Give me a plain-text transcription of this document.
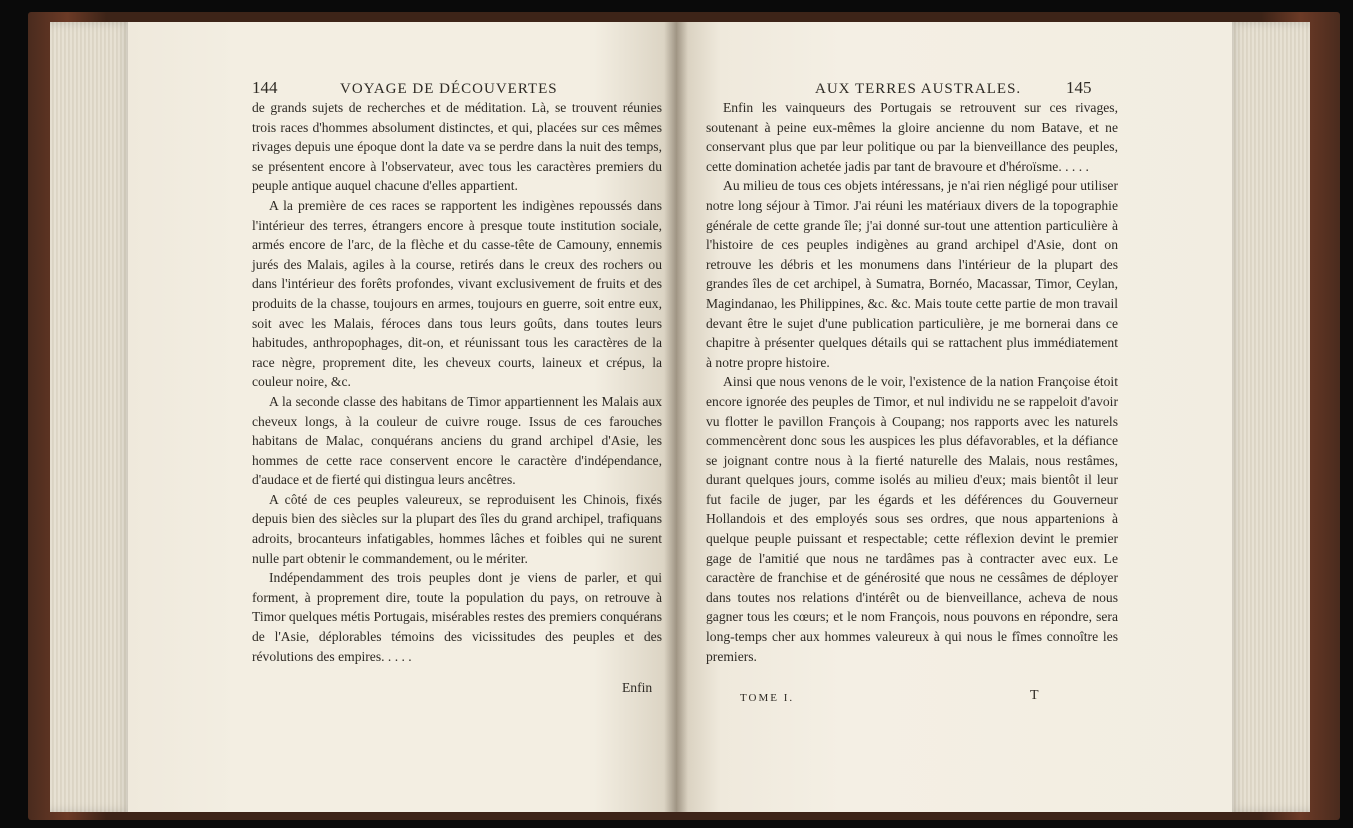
144	VOYAGE DE DÉCOUVERTES

de grands sujets de recherches et de méditation. Là, se trouvent réunies trois races d'hommes absolument distinctes, et qui, placées sur ces mêmes rivages depuis une époque dont la date va se perdre dans la nuit des temps, se présentent encore à l'observateur, avec tous les caractères premiers du peuple antique auquel chacune d'elles appartient.

A la première de ces races se rapportent les indigènes repoussés dans l'intérieur des terres, étrangers encore à presque toute institution sociale, armés encore de l'arc, de la flèche et du casse-tête de Camouny, ennemis jurés des Malais, agiles à la course, retirés dans le creux des rochers ou dans l'intérieur des forêts profondes, vivant exclusivement de fruits et des produits de la chasse, toujours en armes, toujours en guerre, soit entre eux, soit avec les Malais, féroces dans tous leurs goûts, dans toutes leurs habitudes, anthropophages, dit-on, et réunissant tous les caractères de la race nègre, proprement dite, les cheveux courts, laineux et crépus, la couleur noire, &c.

A la seconde classe des habitans de Timor appartiennent les Malais aux cheveux longs, à la couleur de cuivre rouge. Issus de ces farouches habitans de Malac, conquérans anciens du grand archipel d'Asie, les hommes de cette race conservent encore le caractère d'indépendance, d'audace et de fierté qui distingua leurs ancêtres.

A côté de ces peuples valeureux, se reproduisent les Chinois, fixés depuis bien des siècles sur la plupart des îles du grand archipel, trafiquans adroits, brocanteurs infatigables, hommes lâches et foibles qui ne surent nulle part obtenir le commandement, ou le mériter.

Indépendamment des trois peuples dont je viens de parler, et qui forment, à proprement dire, toute la population du pays, on retrouve à Timor quelques métis Portugais, misérables restes des premiers conquérans de l'Asie, déplorables témoins des vicissitudes des peuples et des révolutions des empires. . . . .

Enfin
AUX TERRES AUSTRALES.	145

Enfin les vainqueurs des Portugais se retrouvent sur ces rivages, soutenant à peine eux-mêmes la gloire ancienne du nom Batave, et ne conservant plus que par leur politique ou par la bienveillance des peuples, cette domination achetée jadis par tant de bravoure et d'héroïsme. . . . .

Au milieu de tous ces objets intéressans, je n'ai rien négligé pour utiliser notre long séjour à Timor. J'ai réuni les matériaux divers de la topographie générale de cette grande île; j'ai donné sur-tout une attention particulière à l'histoire de ces peuples indigènes au grand archipel d'Asie, dont on retrouve les débris et les monumens dans l'intérieur de la plupart des grandes îles de cet archipel, à Sumatra, Bornéo, Macassar, Timor, Ceylan, Magindanao, les Philippines, &c. &c. Mais toute cette partie de mon travail devant être le sujet d'une publication particulière, je me bornerai dans ce chapitre à présenter quelques détails qui se rattachent plus immédiatement à notre propre histoire.

Ainsi que nous venons de le voir, l'existence de la nation Françoise étoit encore ignorée des peuples de Timor, et nul individu ne se rappeloit d'avoir vu flotter le pavillon François à Coupang; nos rapports avec les naturels commencèrent donc sous les auspices les plus défavorables, et la défiance se joignant contre nous à la fierté naturelle des Malais, nous restâmes, durant quelques jours, comme isolés au milieu d'eux; mais bientôt il leur fut facile de juger, par les égards et les déférences du Gouverneur Hollandois et des employés sous ses ordres, que nous appartenions à quelque peuple puissant et respectable; cette réflexion devint le premier gage de l'amitié que nous ne tardâmes pas à contracter avec eux. Le caractère de franchise et de générosité que nous ne cessâmes de déployer dans toutes nos relations d'intérêt ou de bienveillance, acheva de nous gagner tous les cœurs; et le nom François, nous pouvons en répondre, sera long-temps cher aux hommes valeureux à qui nous le fîmes connoître les premiers.

TOME I.	T
